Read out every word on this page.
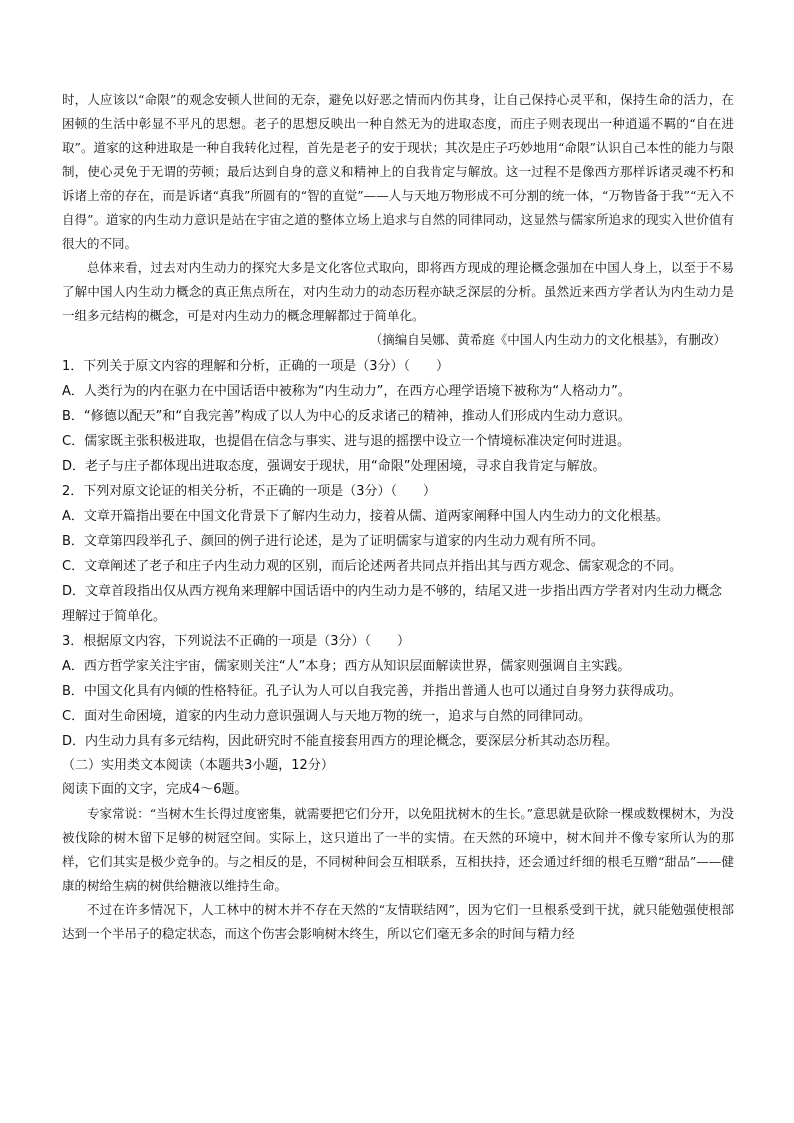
时，人应该以“命限”的观念安顿人世间的无奈，避免以好恶之情而内伤其身，让自己保持心灵平和，保持生命的活力，在困顿的生活中彰显不平凡的思想。老子的思想反映出一种自然无为的进取态度，而庄子则表现出一种逍遥不羁的“自在进取”。道家的这种进取是一种自我转化过程，首先是老子的安于现状；其次是庄子巧妙地用“命限”认识自己本性的能力与限制，使心灵免于无谓的劳顿；最后达到自身的意义和精神上的自我肯定与解放。这一过程不是像西方那样诉诸灵魂不朽和诉诸上帝的存在，而是诉诸“真我”所圆有的“智的直觉”——人与天地万物形成不可分割的统一体，“万物皆备于我”“无入不自得”。道家的内生动力意识是站在宇宙之道的整体立场上追求与自然的同律同动，这显然与儒家所追求的现实入世价值有很大的不同。

总体来看，过去对内生动力的探究大多是文化客位式取向，即将西方现成的理论概念强加在中国人身上，以至于不易了解中国人内生动力概念的真正焦点所在，对内生动力的动态历程亦缺乏深层的分析。虽然近来西方学者认为内生动力是一组多元结构的概念，可是对内生动力的概念理解都过于简单化。

（摘编自吴娜、黄希庭《中国人内生动力的文化根基》，有删改）

1．下列关于原文内容的理解和分析，正确的一项是（3分）（　　）

A．人类行为的内在驱力在中国话语中被称为“内生动力”，在西方心理学语境下被称为“人格动力”。

B．“修德以配天”和“自我完善”构成了以人为中心的反求诸己的精神，推动人们形成内生动力意识。

C．儒家既主张积极进取，也提倡在信念与事实、进与退的摇摆中设立一个情境标准决定何时进退。

D．老子与庄子都体现出进取态度，强调安于现状，用“命限”处理困境，寻求自我肯定与解放。

2．下列对原文论证的相关分析，不正确的一项是（3分）（　　）

A．文章开篇指出要在中国文化背景下了解内生动力，接着从儒、道两家阐释中国人内生动力的文化根基。

B．文章第四段举孔子、颜回的例子进行论述，是为了证明儒家与道家的内生动力观有所不同。

C．文章阐述了老子和庄子内生动力观的区别，而后论述两者共同点并指出其与西方观念、儒家观念的不同。

D．文章首段指出仅从西方视角来理解中国话语中的内生动力是不够的，结尾又进一步指出西方学者对内生动力概念理解过于简单化。

3．根据原文内容，下列说法不正确的一项是（3分）（　　）

A．西方哲学家关注宇宙，儒家则关注“人”本身；西方从知识层面解读世界，儒家则强调自主实践。

B．中国文化具有内倾的性格特征。孔子认为人可以自我完善，并指出普通人也可以通过自身努力获得成功。

C．面对生命困境，道家的内生动力意识强调人与天地万物的统一，追求与自然的同律同动。

D．内生动力具有多元结构，因此研究时不能直接套用西方的理论概念，要深层分析其动态历程。

（二）实用类文本阅读（本题共3小题，12分）

阅读下面的文字，完成4～6题。

专家常说：“当树木生长得过度密集，就需要把它们分开，以免阻扰树木的生长。”意思就是砍除一棵或数棵树木，为没被伐除的树木留下足够的树冠空间。实际上，这只道出了一半的实情。在天然的环境中，树木间并不像专家所认为的那样，它们其实是极少竞争的。与之相反的是，不同树种间会互相联系，互相扶持，还会通过纤细的根毛互赠“甜品”——健康的树给生病的树供给糖液以维持生命。

不过在许多情况下，人工林中的树木并不存在天然的“友情联结网”，因为它们一旦根系受到干扰，就只能勉强使根部达到一个半吊子的稳定状态，而这个伤害会影响树木终生，所以它们毫无多余的时间与精力经
